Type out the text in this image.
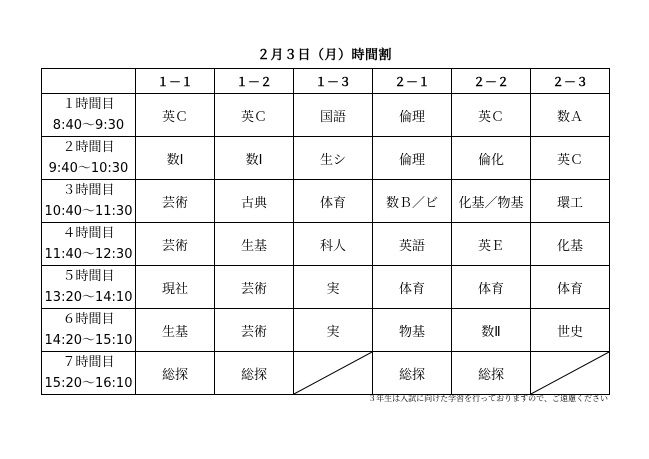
２月３日（月）時間割
	１－１	１－２	１－３	２－１	２－２	２－３

１時間目
8:40～9:30	英Ｃ	英Ｃ	国語	倫理	英Ｃ	数Ａ

２時間目
9:40～10:30	数Ⅰ	数Ⅰ	生シ	倫理	倫化	英Ｃ

３時間目
10:40～11:30	芸術	古典	体育	数Ｂ／ビ	化基／物基	環工

４時間目
11:40～12:30	芸術	生基	科人	英語	英Ｅ	化基

５時間目
13:20～14:10	現社	芸術	実	体育	体育	体育

６時間目
14:20～15:10	生基	芸術	実	物基	数Ⅱ	世史

７時間目
15:20～16:10	総探	総探		総探	総探	
３年生は入試に向けた学習を行っておりますので、ご遠慮ください
